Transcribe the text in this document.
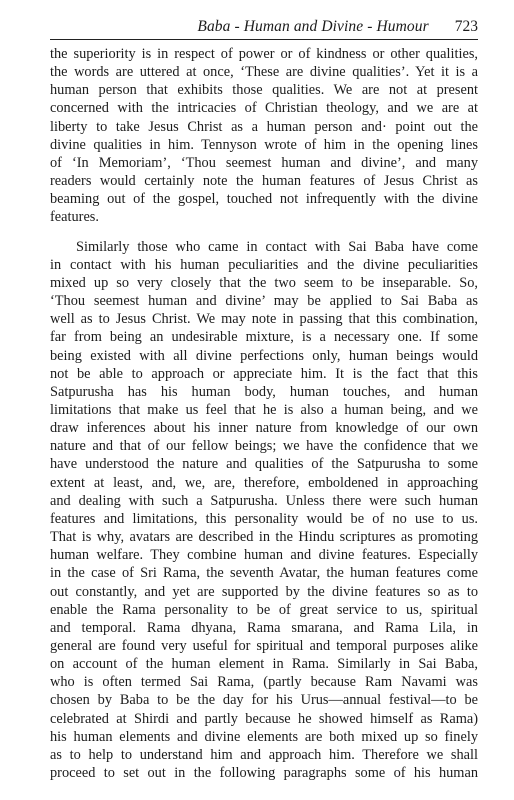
Baba - Human and Divine - Humour 723

the superiority is in respect of power or of kindness or other qualities,
the words are uttered at once, ‘These are divine qualities’. Yet it is a
human person that exhibits those qualities. We are not at present
concerned with the intricacies of Christian theology, and we are at
liberty to take Jesus Christ as a human person and· point out the
divine qualities in him. Tennyson wrote of him in the opening lines
of ‘In Memoriam’, ‘Thou seemest human and divine’, and many
readers would certainly note the human features of Jesus Christ as
beaming out of the gospel, touched not infrequently with the divine
features.

Similarly those who came in contact with Sai Baba have come
in contact with his human peculiarities and the divine peculiarities
mixed up so very closely that the two seem to be inseparable. So,
‘Thou seemest human and divine’ may be applied to Sai Baba as
well as to Jesus Christ. We may note in passing that this combination,
far from being an undesirable mixture, is a necessary one. If some
being existed with all divine perfections only, human beings would
not be able to approach or appreciate him. It is the fact that this
Satpurusha has his human body, human touches, and human
limitations that make us feel that he is also a human being, and we
draw inferences about his inner nature from knowledge of our own
nature and that of our fellow beings; we have the confidence that we
have understood the nature and qualities of the Satpurusha to some
extent at least, and, we, are, therefore, emboldened in approaching
and dealing with such a Satpurusha. Unless there were such human
features and limitations, this personality would be of no use to us.
That is why, avatars are described in the Hindu scriptures as promoting
human welfare. They combine human and divine features. Especially
in the case of Sri Rama, the seventh Avatar, the human features come
out constantly, and yet are supported by the divine features so as to
enable the Rama personality to be of great service to us, spiritual
and temporal. Rama dhyana, Rama smarana, and Rama Lila, in
general are found very useful for spiritual and temporal purposes alike
on account of the human element in Rama. Similarly in Sai Baba,
who is often termed Sai Rama, (partly because Ram Navami was
chosen by Baba to be the day for his Urus—annual festival—to be
celebrated at Shirdi and partly because he showed himself as Rama)
his human elements and divine elements are both mixed up so finely
as to help to understand him and approach him. Therefore we shall
proceed to set out in the following paragraphs some of his human
